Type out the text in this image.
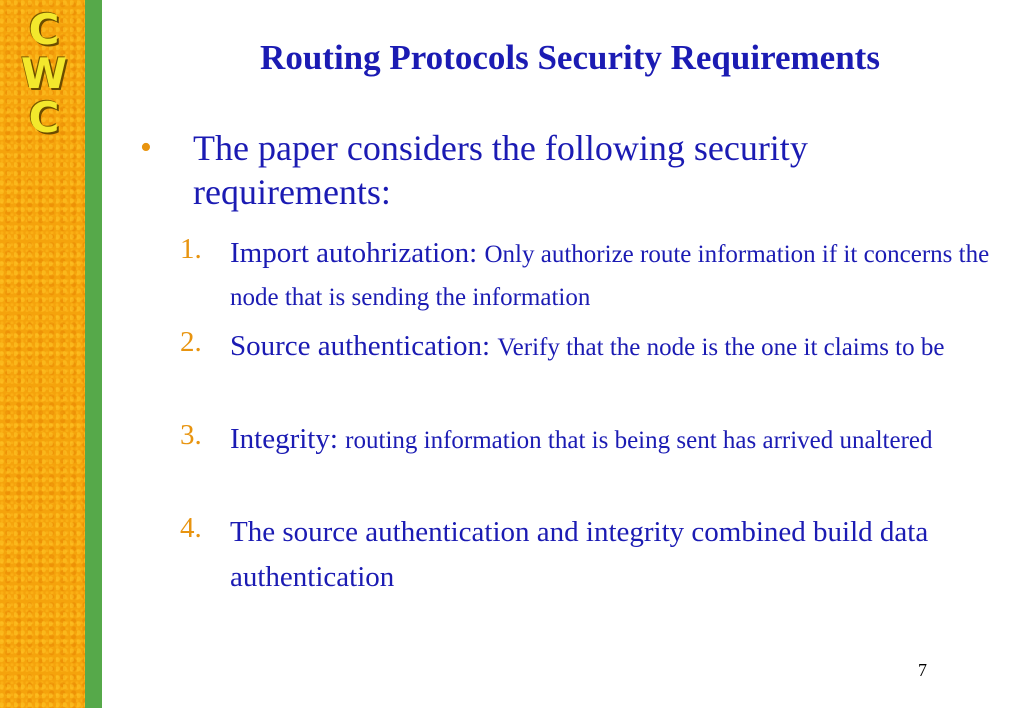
C
W
C
Routing Protocols Security Requirements
• The paper considers the following security requirements:
1. Import autohrization: Only authorize route information if it concerns the node that is sending the information
2. Source authentication: Verify that the node is the one it claims to be
3. Integrity: routing information that is being sent has arrived unaltered
4. The source authentication and integrity combined build data authentication
7
